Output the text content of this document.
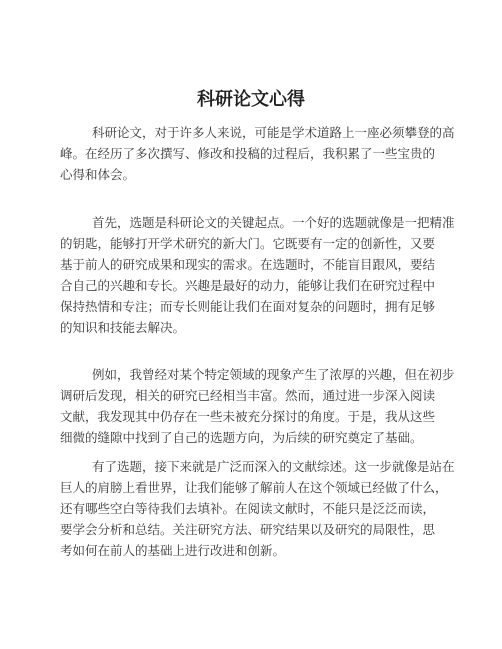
科研论文心得
科研论文，对于许多人来说，可能是学术道路上一座必须攀登的高
峰。在经历了多次撰写、修改和投稿的过程后，我积累了一些宝贵的
心得和体会。
首先，选题是科研论文的关键起点。一个好的选题就像是一把精准
的钥匙，能够打开学术研究的新大门。它既要有一定的创新性，又要
基于前人的研究成果和现实的需求。在选题时，不能盲目跟风，要结
合自己的兴趣和专长。兴趣是最好的动力，能够让我们在研究过程中
保持热情和专注；而专长则能让我们在面对复杂的问题时，拥有足够
的知识和技能去解决。
例如，我曾经对某个特定领域的现象产生了浓厚的兴趣，但在初步
调研后发现，相关的研究已经相当丰富。然而，通过进一步深入阅读
文献，我发现其中仍存在一些未被充分探讨的角度。于是，我从这些
细微的缝隙中找到了自己的选题方向，为后续的研究奠定了基础。
有了选题，接下来就是广泛而深入的文献综述。这一步就像是站在
巨人的肩膀上看世界，让我们能够了解前人在这个领域已经做了什么，
还有哪些空白等待我们去填补。在阅读文献时，不能只是泛泛而读，
要学会分析和总结。关注研究方法、研究结果以及研究的局限性，思
考如何在前人的基础上进行改进和创新。
